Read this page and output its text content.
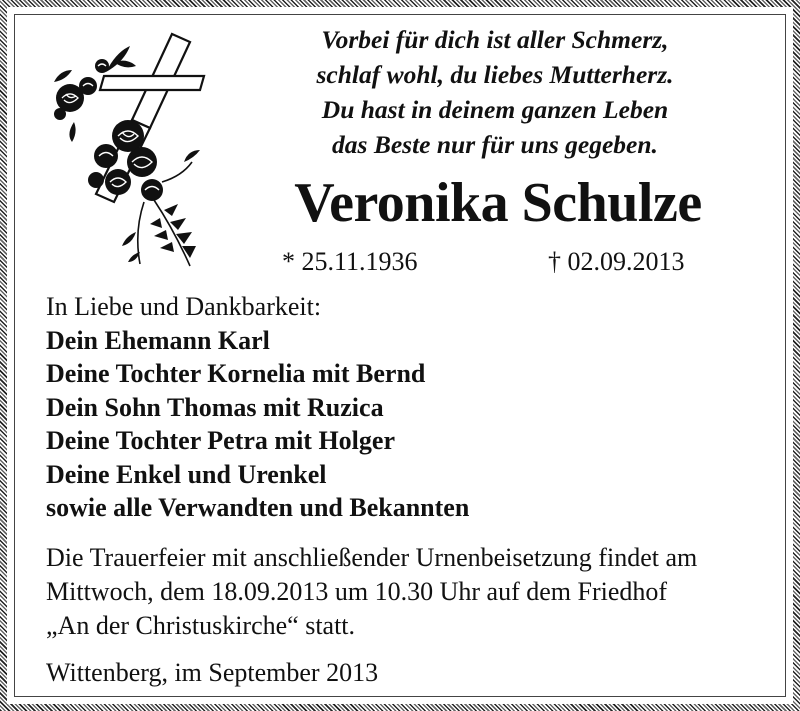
Vorbei für dich ist aller Schmerz,
schlaf wohl, du liebes Mutterherz.
Du hast in deinem ganzen Leben
das Beste nur für uns gegeben.
Veronika Schulze
* 25.11.1936	† 02.09.2013
In Liebe und Dankbarkeit:
Dein Ehemann Karl
Deine Tochter Kornelia mit Bernd
Dein Sohn Thomas mit Ruzica
Deine Tochter Petra mit Holger
Deine Enkel und Urenkel
sowie alle Verwandten und Bekannten
Die Trauerfeier mit anschließender Urnenbeisetzung findet am
Mittwoch, dem 18.09.2013 um 10.30 Uhr auf dem Friedhof
„An der Christuskirche“ statt.
Wittenberg, im September 2013
